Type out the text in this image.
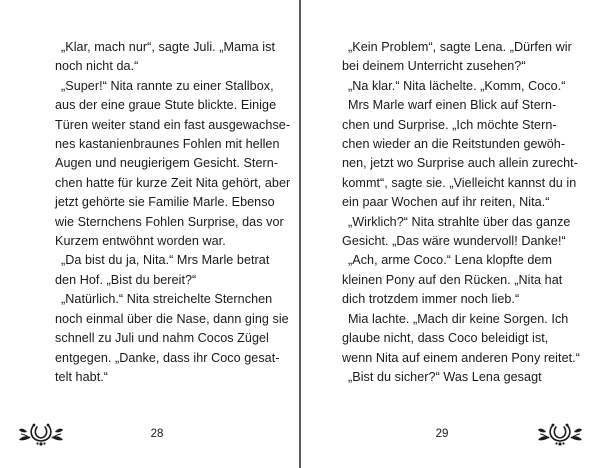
„Klar, mach nur“, sagte Juli. „Mama ist
noch nicht da.“
„Super!“ Nita rannte zu einer Stallbox,
aus der eine graue Stute blickte. Einige
Türen weiter stand ein fast ausgewachse-
nes kastanienbraunes Fohlen mit hellen
Augen und neugierigem Gesicht. Stern-
chen hatte für kurze Zeit Nita gehört, aber
jetzt gehörte sie Familie Marle. Ebenso
wie Sternchens Fohlen Surprise, das vor
Kurzem entwöhnt worden war.
„Da bist du ja, Nita.“ Mrs Marle betrat
den Hof. „Bist du bereit?“
„Natürlich.“ Nita streichelte Sternchen
noch einmal über die Nase, dann ging sie
schnell zu Juli und nahm Cocos Zügel
entgegen. „Danke, dass ihr Coco gesat-
telt habt.“
28
„Kein Problem“, sagte Lena. „Dürfen wir
bei deinem Unterricht zusehen?“
„Na klar.“ Nita lächelte. „Komm, Coco.“
Mrs Marle warf einen Blick auf Stern-
chen und Surprise. „Ich möchte Stern-
chen wieder an die Reitstunden gewöh-
nen, jetzt wo Surprise auch allein zurecht-
kommt“, sagte sie. „Vielleicht kannst du in
ein paar Wochen auf ihr reiten, Nita.“
„Wirklich?“ Nita strahlte über das ganze
Gesicht. „Das wäre wundervoll! Danke!“
„Ach, arme Coco.“ Lena klopfte dem
kleinen Pony auf den Rücken. „Nita hat
dich trotzdem immer noch lieb.“
Mia lachte. „Mach dir keine Sorgen. Ich
glaube nicht, dass Coco beleidigt ist,
wenn Nita auf einem anderen Pony reitet.“
„Bist du sicher?“ Was Lena gesagt
29
